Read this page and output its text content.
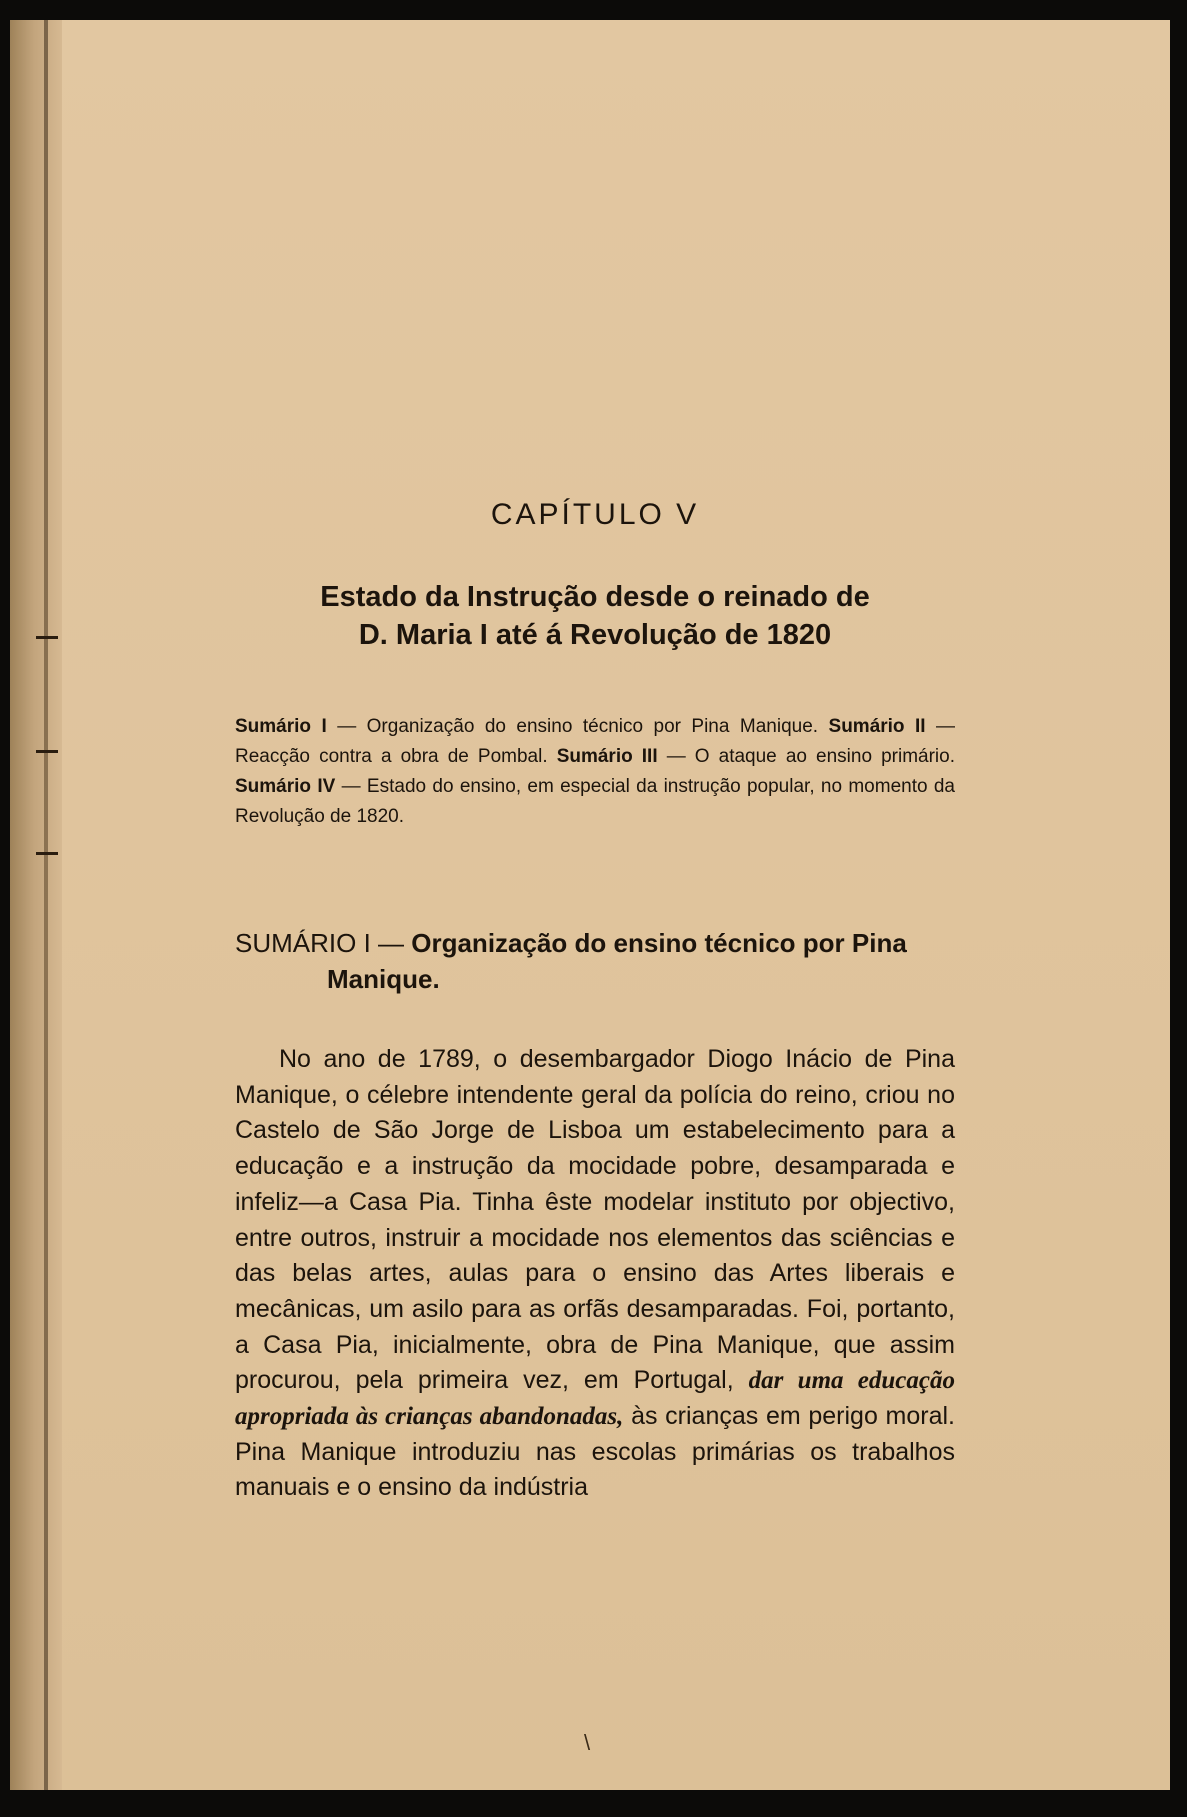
CAPÍTULO V
Estado da Instrução desde o reinado de
D. Maria I até á Revolução de 1820

Sumário I — Organização do ensino técnico por Pina Manique. Sumário II — Reacção contra a obra de Pombal. Sumário III — O ataque ao ensino primário. Sumário IV — Estado do ensino, em especial da instrução popular, no momento da Revolução de 1820.

SUMÁRIO I — Organização do ensino técnico por Pina
Manique.

No ano de 1789, o desembargador Diogo Inácio de Pina Manique, o célebre intendente geral da polícia do reino, criou no Castelo de São Jorge de Lisboa um estabelecimento para a educação e a instrução da mocidade pobre, desamparada e infeliz—a Casa Pia. Tinha êste modelar instituto por objectivo, entre outros, instruir a mocidade nos elementos das sciências e das belas artes, aulas para o ensino das Artes liberais e mecânicas, um asilo para as orfãs desamparadas. Foi, portanto, a Casa Pia, inicialmente, obra de Pina Manique, que assim procurou, pela primeira vez, em Portugal, dar uma educação apropriada às crianças abandonadas, às crianças em perigo moral. Pina Manique introduziu nas escolas primárias os trabalhos manuais e o ensino da indústria

\
